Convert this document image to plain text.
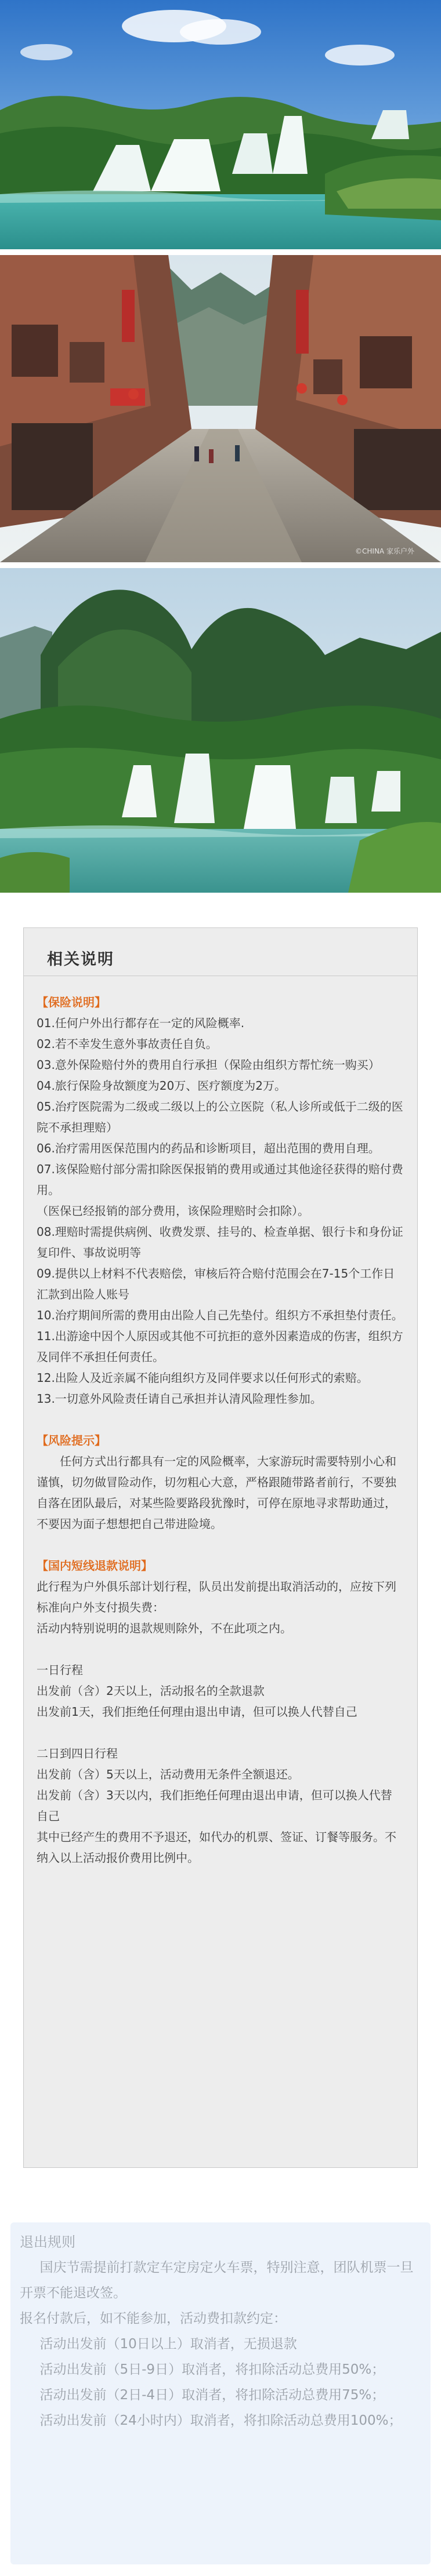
©CHINA 家乐户外
相关说明

【保险说明】

01.任何户外出行都存在一定的风险概率.

02.若不幸发生意外事故责任自负。

03.意外保险赔付外的费用自行承担（保险由组织方帮忙统一购买）

04.旅行保险身故额度为20万、医疗额度为2万。

05.治疗医院需为二级或二级以上的公立医院（私人诊所或低于二级的医院不承担理赔）

06.治疗需用医保范围内的药品和诊断项目，超出范围的费用自理。

07.该保险赔付部分需扣除医保报销的费用或通过其他途径获得的赔付费用。

（医保已经报销的部分费用，该保险理赔时会扣除）。

08.理赔时需提供病例、收费发票、挂号的、检查单据、银行卡和身份证复印件、事故说明等

09.提供以上材料不代表赔偿，审核后符合赔付范围会在7-15个工作日汇款到出险人账号

10.治疗期间所需的费用由出险人自己先垫付。组织方不承担垫付责任。

11.出游途中因个人原因或其他不可抗拒的意外因素造成的伤害，组织方及同伴不承担任何责任。

12.出险人及近亲属不能向组织方及同伴要求以任何形式的索赔。

13.一切意外风险责任请自己承担并认清风险理性参加。

【风险提示】

任何方式出行都具有一定的风险概率，大家游玩时需要特别小心和谨慎，切勿做冒险动作，切勿粗心大意，严格跟随带路者前行，不要独自落在团队最后，对某些险要路段犹豫时，可停在原地寻求帮助通过，不要因为面子想想把自己带进险境。

【国内短线退款说明】

此行程为户外俱乐部计划行程，队员出发前提出取消活动的，应按下列标准向户外支付损失费：

活动内特别说明的退款规则除外，不在此项之内。

一日行程

出发前（含）2天以上，活动报名的全款退款

出发前1天，我们拒绝任何理由退出申请，但可以换人代替自己

二日到四日行程

出发前（含）5天以上，活动费用无条件全额退还。

出发前（含）3天以内，我们拒绝任何理由退出申请，但可以换人代替自己

其中已经产生的费用不予退还，如代办的机票、签证、订餐等服务。不纳入以上活动报价费用比例中。

退出规则

国庆节需提前打款定车定房定火车票，特别注意，团队机票一旦开票不能退改签。

报名付款后，如不能参加，活动费扣款约定：

活动出发前（10日以上）取消者，无损退款

活动出发前（5日-9日）取消者，将扣除活动总费用50%；

活动出发前（2日-4日）取消者，将扣除活动总费用75%；

活动出发前（24小时内）取消者，将扣除活动总费用100%；
